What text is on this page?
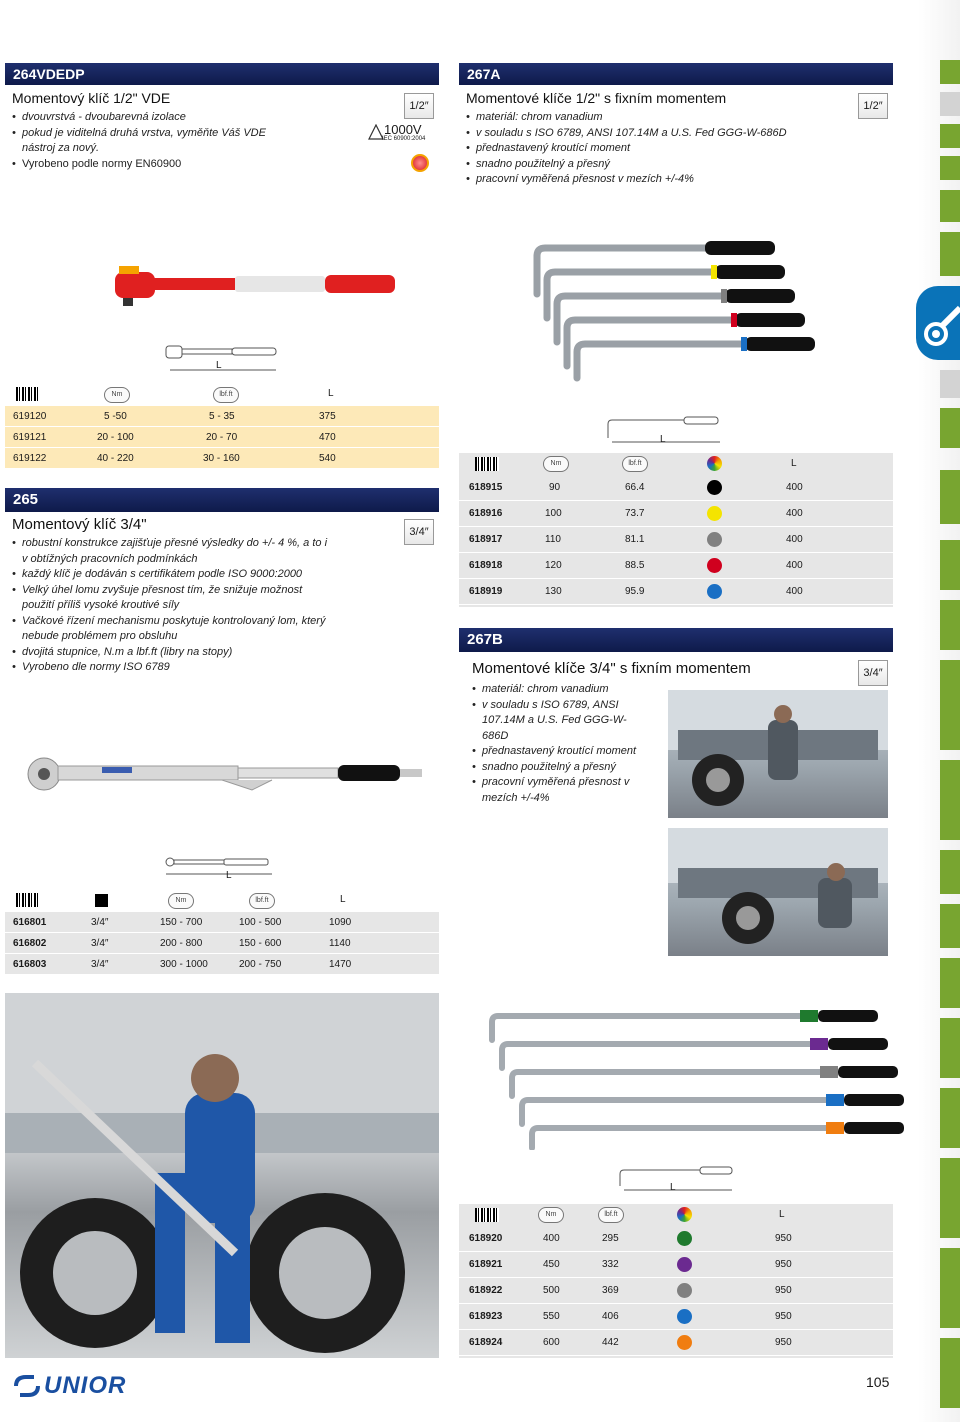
264VDEDP
Momentový klíč 1/2" VDE
• dvouvrstvá - dvoubarevná izolace
• pokud je viditelná druhá vrstva, vyměňte Váš VDE nástroj za nový.
• Vyrobeno podle normy EN60900
1000V
IEC 60900:2004
1/2″
L
Nm	lbf.ft	L
619120	5 -50	5 - 35	375
619121	20 - 100	20 - 70	470
619122	40 - 220	30 - 160	540
267A
Momentové klíče 1/2" s fixním momentem
• materiál: chrom vanadium
• v souladu s ISO 6789, ANSI 107.14M a U.S. Fed GGG-W-686D
• přednastavený kroutící moment
• snadno použitelný a přesný
• pracovní vyměřená přesnost v mezích +/-4%
1/2″
L
Nm	lbf.ft	L
618915	90	66.4	400
618916	100	73.7	400
618917	110	81.1	400
618918	120	88.5	400
618919	130	95.9	400
265
Momentový klíč 3/4"	3/4″
• robustní konstrukce zajišťuje přesné výsledky do +/- 4 %, a to i v obtížných pracovních podmínkách
• každý klíč je dodáván s certifikátem podle ISO 9000:2000
• Velký úhel lomu zvyšuje přesnost tím, že snižuje možnost použití příliš vysoké kroutivé síly
• Vačkové řízení mechanismu poskytuje kontrolovaný lom, který nebude problémem pro obsluhu
• dvojitá stupnice, N.m a lbf.ft (libry na stopy)
• Vyrobeno dle normy ISO 6789
L
Nm	lbf.ft	L
616801	3/4″	150 - 700	100 - 500	1090
616802	3/4″	200 - 800	150 - 600	1140
616803	3/4″	300 - 1000	200 - 750	1470
267B
Momentové klíče 3/4" s fixním momentem	3/4″
• materiál: chrom vanadium
• v souladu s ISO 6789, ANSI 107.14M a U.S. Fed GGG-W-686D
• přednastavený kroutící moment
• snadno použitelný a přesný
• pracovní vyměřená přesnost v mezích +/-4%
L
Nm	lbf.ft	L
618920	400	295	950
618921	450	332	950
618922	500	369	950
618923	550	406	950
618924	600	442	950
UNIOR	105
